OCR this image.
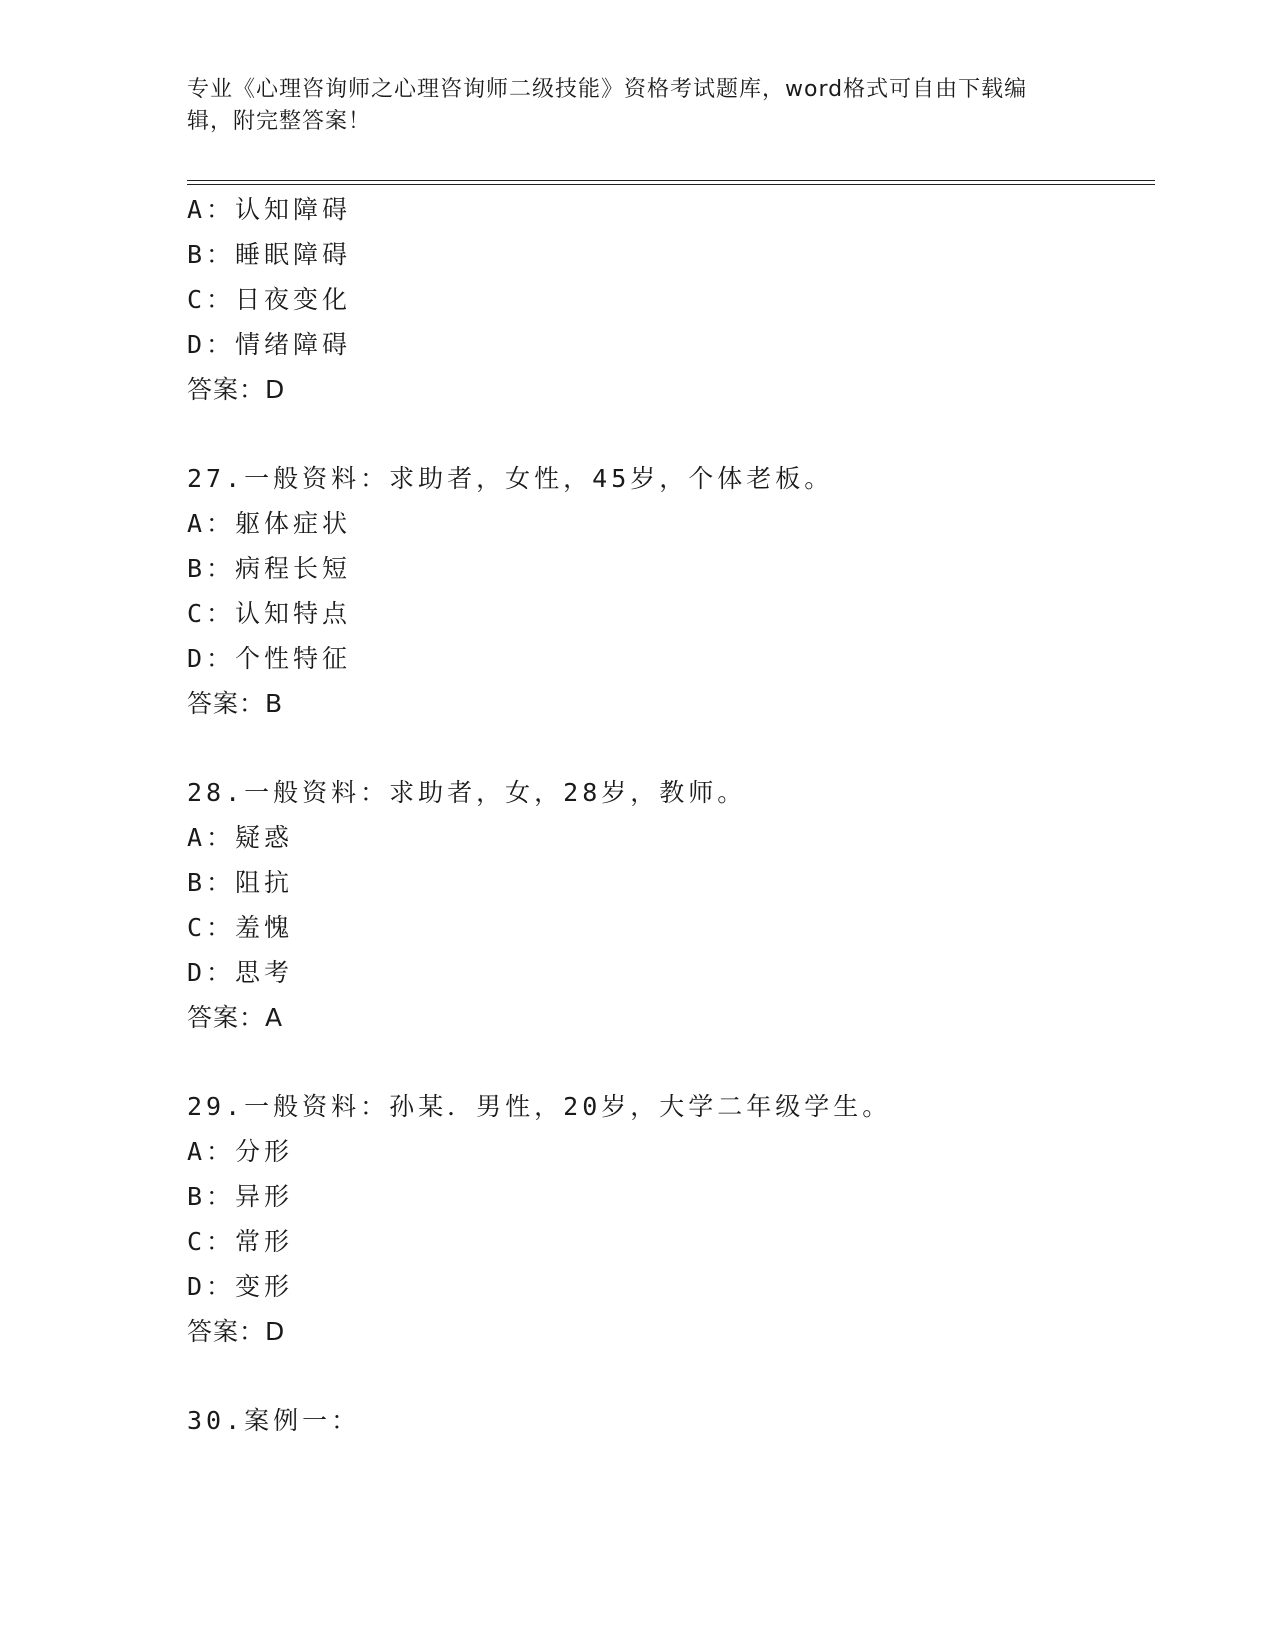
专业《心理咨询师之心理咨询师二级技能》资格考试题库，word格式可自由下载编辑，附完整答案！
A：认知障碍
B：睡眠障碍
C：日夜变化
D：情绪障碍
答案：D
27.一般资料：求助者，女性，45岁，个体老板。
A：躯体症状
B：病程长短
C：认知特点
D：个性特征
答案：B
28.一般资料：求助者，女，28岁，教师。
A：疑惑
B：阻抗
C：羞愧
D：思考
答案：A
29.一般资料：孙某．男性，20岁，大学二年级学生。
A：分形
B：异形
C：常形
D：变形
答案：D
30.案例一：
